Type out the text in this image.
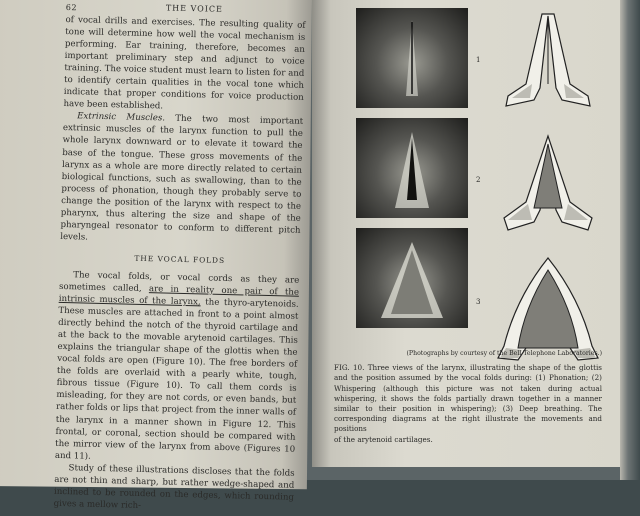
62	THE VOICE

of vocal drills and exercises. The resulting quality of tone will determine how well the vocal mechanism is performing. Ear training, therefore, becomes an important preliminary step and adjunct to voice training. The voice student must learn to listen for and to identify certain qualities in the vocal tone which indicate that proper conditions for voice production have been established.

Extrinsic Muscles. The two most important extrinsic muscles of the larynx function to pull the whole larynx downward or to elevate it toward the base of the tongue. These gross movements of the larynx as a whole are more directly related to certain biological functions, such as swallowing, than to the process of phonation, though they probably serve to change the position of the larynx with respect to the pharynx, thus altering the size and shape of the pharyngeal resonator to conform to different pitch levels.

THE VOCAL FOLDS

The vocal folds, or vocal cords as they are sometimes called, are in reality one pair of the intrinsic muscles of the larynx, the thyro-arytenoids. These muscles are attached in front to a point almost directly behind the notch of the thyroid cartilage and at the back to the movable arytenoid cartilages. This explains the triangular shape of the glottis when the vocal folds are open (Figure 10). The free borders of the folds are overlaid with a pearly white, tough, fibrous tissue (Figure 10). To call them cords is misleading, for they are not cords, or even bands, but rather folds or lips that project from the inner walls of the larynx in a manner shown in Figure 12. This frontal, or coronal, section should be compared with the mirror view of the larynx from above (Figures 10 and 11).

Study of these illustrations discloses that the folds are not thin and sharp, but rather wedge-shaped and inclined to be rounded on the edges, which rounding gives a mellow rich-

1
2
3
(Photographs by courtesy of the Bell Telephone Laboratories.)
FIG. 10. Three views of the larynx, illustrating the shape of the glottis and the position assumed by the vocal folds during: (1) Phonation; (2) Whispering (although this picture was not taken during actual whispering, it shows the folds partially drawn together in a manner similar to their position in whispering); (3) Deep breathing. The corresponding diagrams at the right illustrate the movements and positions
of the arytenoid cartilages.
